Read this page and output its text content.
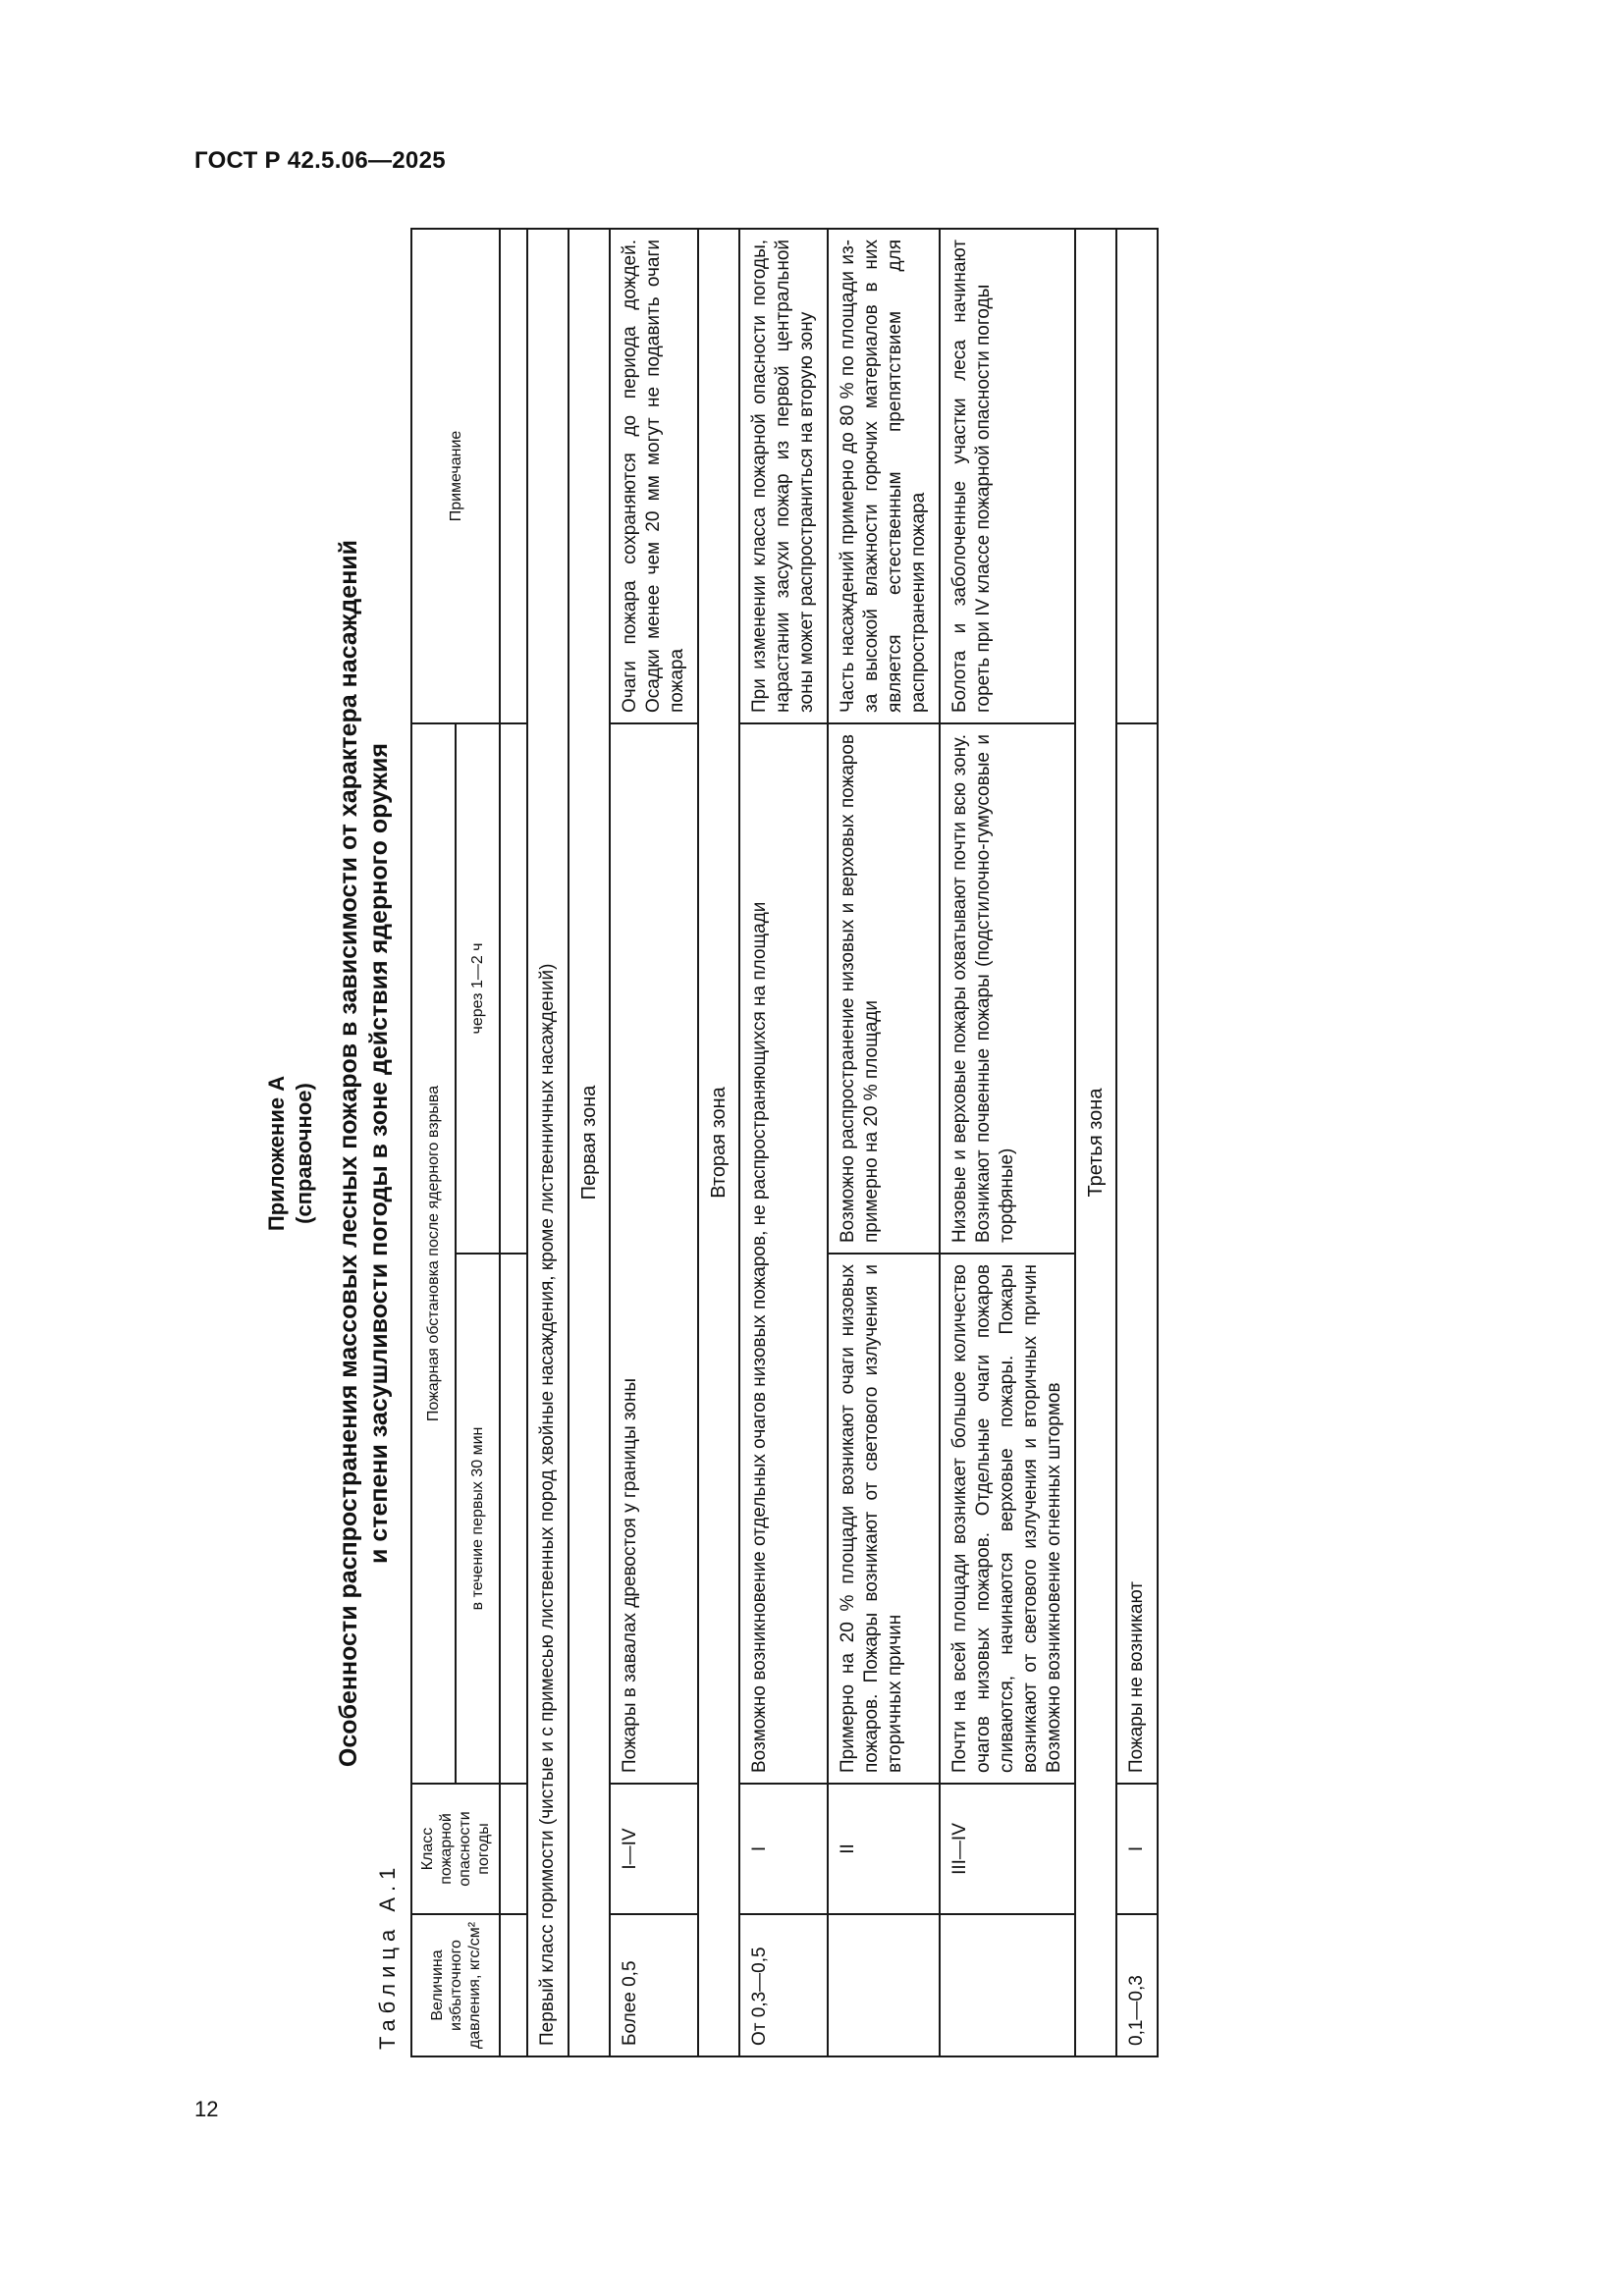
ГОСТ Р 42.5.06—2025
12
Приложение А (справочное) Особенности распространения массовых лесных пожаров в зависимости от характера насаждений и степени засушливости погоды в зоне действия ядерного оружия
Таблица А.1 Величина избыточного давления, кгс/см²	Класс пожарной опасности погоды	Пожарная обстановка после ядерного взрыва		Примечание
		в течение первых 30 мин	через 1—2 ч	

Первый класс горимости (чистые и с примесью лиственных пород хвойные насаждения, кроме лиственничных насаждений)				
Первая зона				
Более 0,5	I—IV	Пожары в завалах древостоя у границы зоны		Очаги пожара сохраняются до периода дождей. Осадки менее чем 20 мм могут не подавить очаги пожара
Вторая зона				
От 0,3—0,5	I	Возможно возникновение отдельных очагов низовых пожаров, не распространяющихся на площади		При изменении класса пожарной опасности погоды, нарастании засухи пожар из первой центральной зоны может распространиться на вторую зону
	II	Примерно на 20 % площади возникают очаги низовых пожаров. Пожары возникают от светового излучения и вторичных причин	Возможно распространение низовых и верховых пожаров примерно на 20 % площади	Часть насаждений примерно до 80 % по площади из-за высокой влажности горючих материалов в них является естественным препятствием для распространения пожара
	III—IV	Почти на всей площади возникает большое количество очагов низовых пожаров. Отдельные очаги пожаров сливаются, начинаются верховые пожары. Пожары возникают от светового излучения и вторичных причин Возможно возникновение огненных штормов	Низовые и верховые пожары охватывают почти всю зону. Возникают почвенные пожары (подстилочно-гумусовые и торфяные)	Болота и заболоченные участки леса начинают гореть при IV классе пожарной опасности погоды
Третья зона				
0,1—0,3	I	Пожары не возникают		
